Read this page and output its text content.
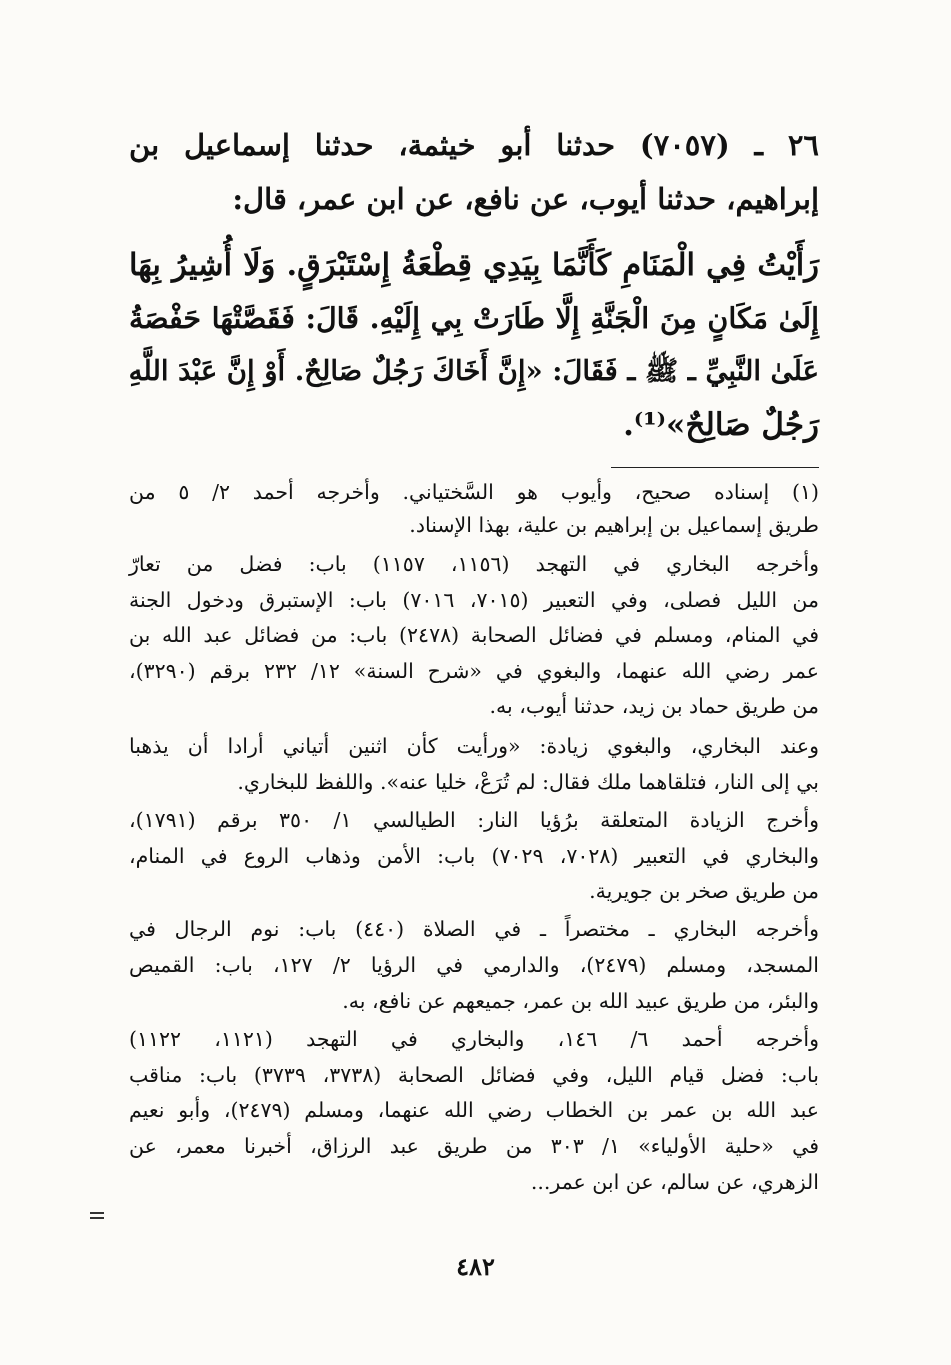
٢٦ ـ (٧٠٥٧) حدثنا أبو خيثمة، حدثنا إسماعيل بن
إبراهيم، حدثنا أيوب، عن نافع، عن ابن عمر، قال:
رَأَيْتُ فِي الْمَنَامِ كَأَنَّمَا بِيَدِي قِطْعَةُ إِسْتَبْرَقٍ. وَلَا أُشِيرُ بِهَا
إِلَىٰ مَكَانٍ مِنَ الْجَنَّةِ إِلَّا طَارَتْ بِي إِلَيْهِ. قَالَ: فَقَصَّتْهَا حَفْصَةُ
عَلَىٰ النَّبِيِّ ـ ﷺ ـ فَقَالَ: «إِنَّ أَخَاكَ رَجُلٌ صَالِحٌ. أَوْ إِنَّ عَبْدَ اللَّهِ
رَجُلٌ صَالِحٌ»⁽¹⁾.
(١) إسناده صحيح، وأيوب هو السَّختياني. وأخرجه أحمد ٢/ ٥ من
طريق إسماعيل بن إبراهيم بن علية، بهذا الإسناد.
وأخرجه البخاري في التهجد (١١٥٦، ١١٥٧) باب: فضل من تعارّ
من الليل فصلى، وفي التعبير (٧٠١٥، ٧٠١٦) باب: الإستبرق ودخول الجنة
في المنام، ومسلم في فضائل الصحابة (٢٤٧٨) باب: من فضائل عبد الله بن
عمر رضي الله عنهما، والبغوي في «شرح السنة» ١٢/ ٢٣٢ برقم (٣٢٩٠)،
من طريق حماد بن زيد، حدثنا أيوب، به.
وعند البخاري، والبغوي زيادة: «ورأيت كأن اثنين أتياني أرادا أن يذهبا
بي إلى النار، فتلقاهما ملك فقال: لم تُرَعْ، خليا عنه». واللفظ للبخاري.
وأخرج الزيادة المتعلقة برُؤيا النار: الطيالسي ١/ ٣٥٠ برقم (١٧٩١)،
والبخاري في التعبير (٧٠٢٨، ٧٠٢٩) باب: الأمن وذهاب الروع في المنام،
من طريق صخر بن جويرية.
وأخرجه البخاري ـ مختصراً ـ في الصلاة (٤٤٠) باب: نوم الرجال في
المسجد، ومسلم (٢٤٧٩)، والدارمي في الرؤيا ٢/ ١٢٧، باب: القميص
والبئر، من طريق عبيد الله بن عمر، جميعهم عن نافع، به.
وأخرجه أحمد ٦/ ١٤٦، والبخاري في التهجد (١١٢١، ١١٢٢)
باب: فضل قيام الليل، وفي فضائل الصحابة (٣٧٣٨، ٣٧٣٩) باب: مناقب
عبد الله بن عمر بن الخطاب رضي الله عنهما، ومسلم (٢٤٧٩)، وأبو نعيم
في «حلية الأولياء» ١/ ٣٠٣ من طريق عبد الرزاق، أخبرنا معمر، عن
الزهري، عن سالم، عن ابن عمر...
٤٨٢
